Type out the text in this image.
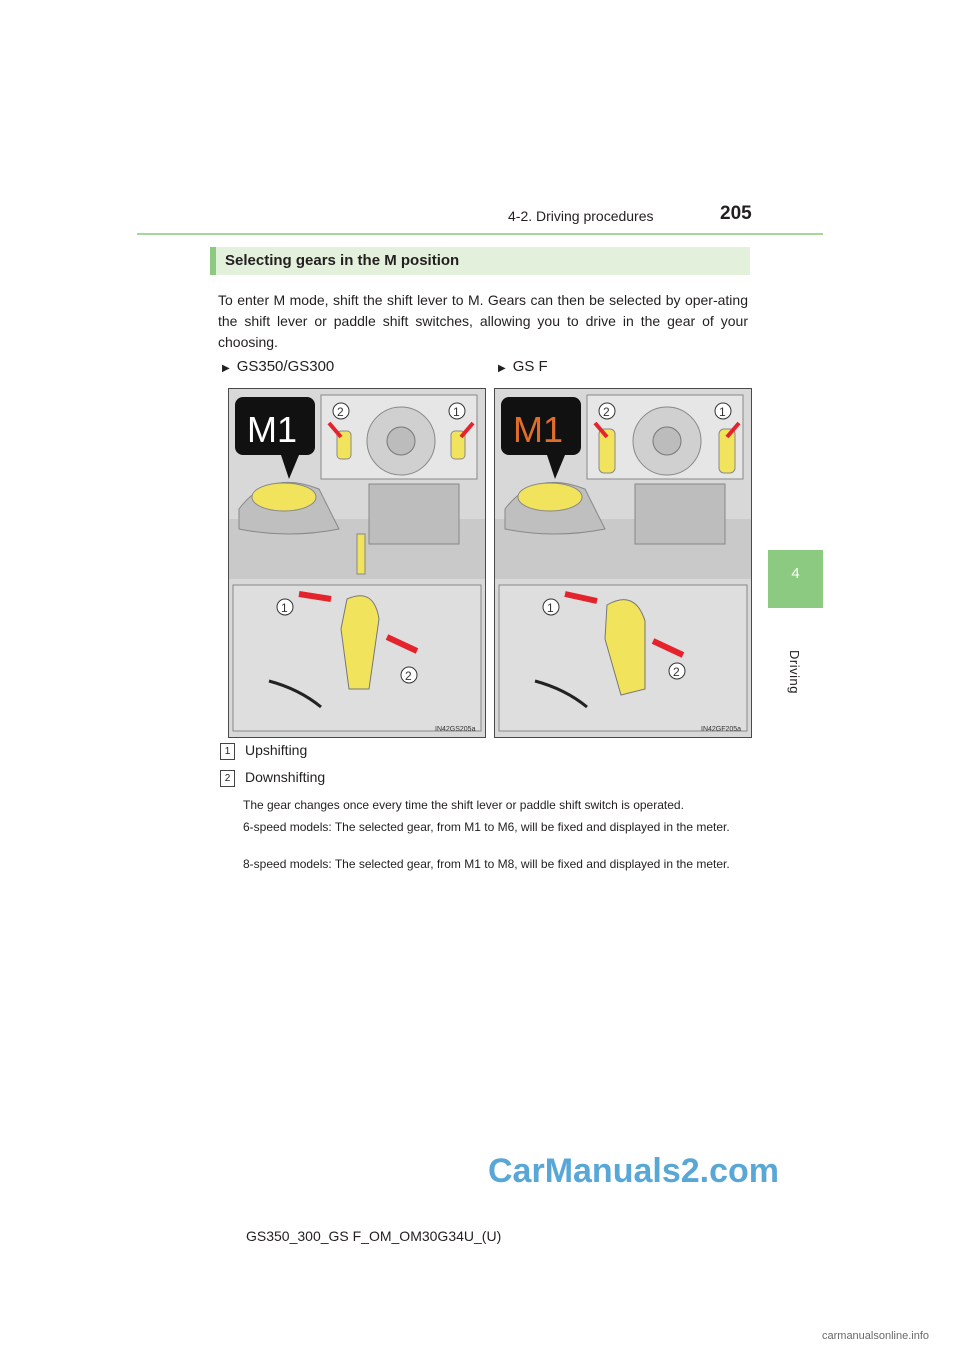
4-2. Driving procedures	205
4
Driving
Selecting gears in the M position
To enter M mode, shift the shift lever to M. Gears can then be selected by oper-ating the shift lever or paddle shift switches, allowing you to drive in the gear of your choosing.
▶ GS350/GS300	▶ GS F
M1	2	1
1
2
IN42GS205a
M1	2	1
1
2
IN42GF205a
1 Upshifting
2 Downshifting
The gear changes once every time the shift lever or paddle shift switch is operated.
6-speed models: The selected gear, from M1 to M6, will be fixed and displayed in the meter.
8-speed models: The selected gear, from M1 to M8, will be fixed and displayed in the meter.
CarManuals2.com
GS350_300_GS F_OM_OM30G34U_(U)
carmanualsonline.info
